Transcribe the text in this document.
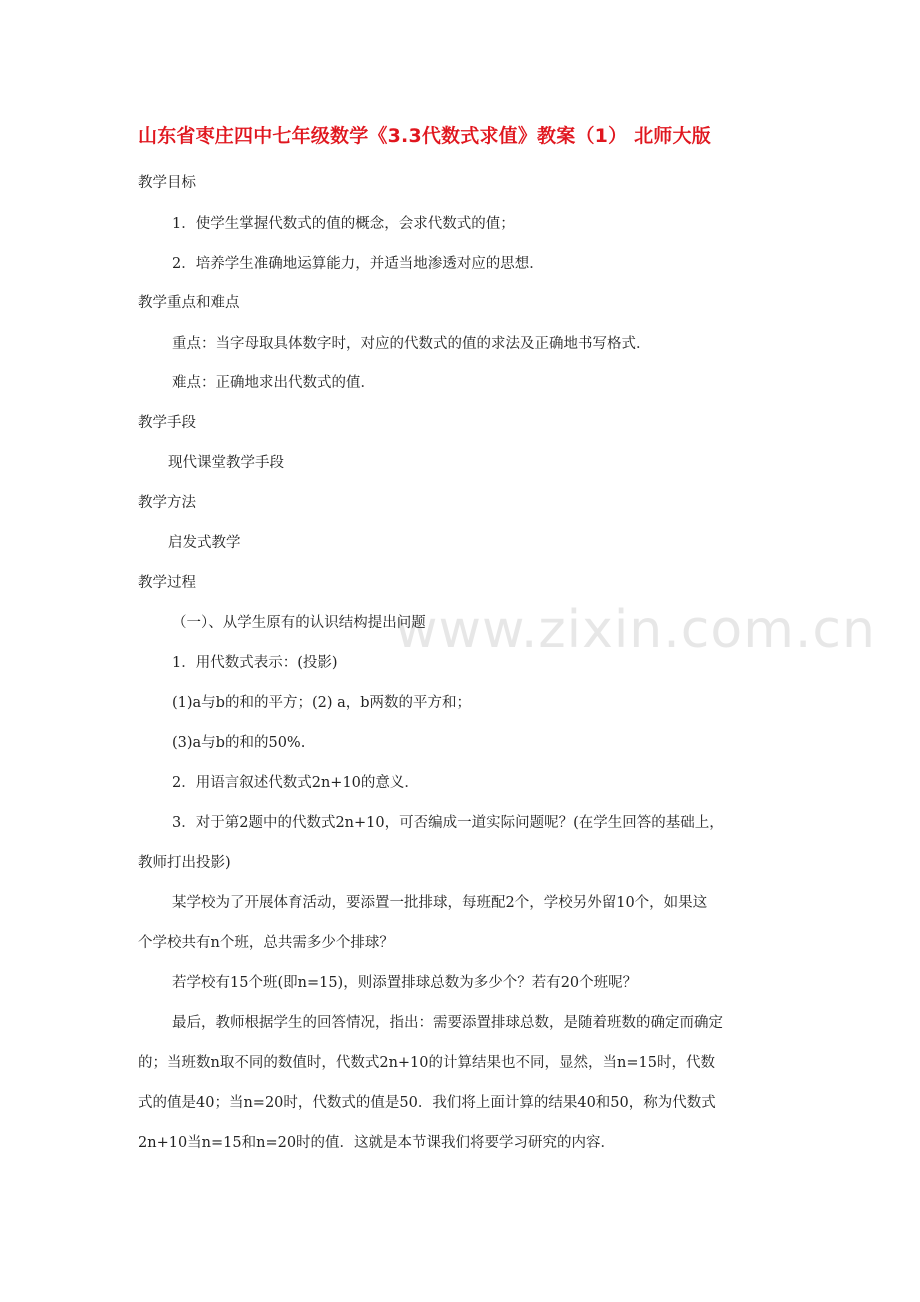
www.zixin.com.cn
山东省枣庄四中七年级数学《3.3代数式求值》教案（1） 北师大版
教学目标
1．使学生掌握代数式的值的概念，会求代数式的值；
2．培养学生准确地运算能力，并适当地渗透对应的思想．
教学重点和难点
重点：当字母取具体数字时，对应的代数式的值的求法及正确地书写格式．
难点：正确地求出代数式的值．
教学手段
现代课堂教学手段
教学方法
启发式教学
教学过程
（一）、从学生原有的认识结构提出问题
1．用代数式表示：(投影)
(1)a与b的和的平方；(2) a，b两数的平方和；
(3)a与b的和的50%.
2．用语言叙述代数式2n+10的意义．
3．对于第2题中的代数式2n+10，可否编成一道实际问题呢？(在学生回答的基础上，
教师打出投影)
某学校为了开展体育活动，要添置一批排球，每班配2个，学校另外留10个，如果这
个学校共有n个班，总共需多少个排球？
若学校有15个班(即n=15)，则添置排球总数为多少个？若有20个班呢？
最后，教师根据学生的回答情况，指出：需要添置排球总数，是随着班数的确定而确定
的；当班数n取不同的数值时，代数式2n+10的计算结果也不同，显然，当n=15时，代数
式的值是40；当n=20时，代数式的值是50．我们将上面计算的结果40和50，称为代数式
2n+10当n=15和n=20时的值．这就是本节课我们将要学习研究的内容．
